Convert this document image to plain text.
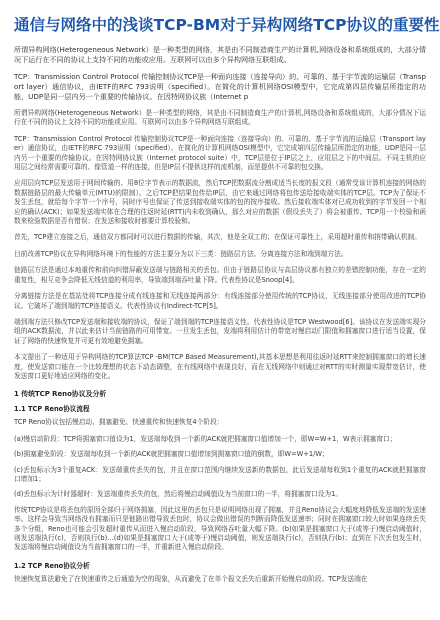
通信与网络中的浅谈TCP-BM对于异构网络TCP协议的重要性

所谓异构网络(Heterogeneous Network）是一种类型的网络，其是由不同制造商生产的计算机,网络设备和系统组成的，大部分情况下运行在不同的协议上支持不同的功能或应用。互联网可以由多个异构网络互联组成。

TCP：Transmission Control Protocol 传输控制协议TCP是一种面向连接（连接导向）的、可靠的、基于字节流的运输层（Transport layer）通信协议，由IETF的RFC 793说明（specified）。在简化的计算机网络OSI模型中，它完成第四层传输层所指定的功能，UDP是同一层内另一个重要的传输协议。在因特网协议族（Internet p

所谓异构网络(Heterogeneous Network）是一种类型的网络，其是由不同制造商生产的计算机,网络设备和系统组成的，大部分情况下运行在不同的协议上支持不同的功能或应用。互联网可以由多个异构网络互联组成。

TCP：Transmission Control Protocol 传输控制协议TCP是一种面向连接（连接导向）的、可靠的、基于字节流的运输层（Transport layer）通信协议，由IETF的RFC 793说明（specified）。在简化的计算机网络OSI模型中，它完成第四层传输层所指定的功能，UDP是同一层内另一个重要的传输协议。在因特网协议族（Internet protocol suite）中，TCP层是位于IP层之上，应用层之下的中间层。不同主机的应用层之间经常需要可靠的、像管道一样的连接，但是IP层不提供这样的流机制，而是提供不可靠的包交换。

应用层向TCP层发送用于网间传输的、用8位字节表示的数据流，然后TCP把数据流分割成适当长度的报文段（通常受该计算机连接的网络的数据链路层的最大传输单元(MTU)的限制）。之后TCP把结果包传给IP层，由它来通过网络将包传送给接收端实体的TCP层。TCP为了保证不发生丢包，就给每个字节一个序号，同时序号也保证了传送到接收端实体的包的按序接收。然后接收端实体对已成功收到的字节发回一个相应的确认(ACK)；如果发送端实体在合理的往返时延(RTT)内未收到确认，那么对应的数据（假设丢失了）将会被重传。TCP用一个校验和函数来检验数据是否有错误；在发送和接收时都要计算校验和。

首先，TCP建立连接之后，通信双方都同时可以进行数据的传输，其次，他是全双工的；在保证可靠性上，采用超时重传和捎带确认机制。

目前改善TCP协议在异构网络环境下的性能的方法主要分为以下三类：链路层方法、分离连接方法和端到端方法。

链路层方法是通过本地重传和前向纠错屏蔽发送端与链路相关的丢包。但由于链路层协议与高层协议都有独立的差错控制功能，存在一定的重复性，相互竞争会降低无线信道的利用率，导致端到端吞吐量下降。代表性协议是Snoop[4]。

分离链接方法是在基站处将TCP连接分成有线连接和无线连接两部分：有线连接部分使用传统的TCP协议，无线连接部分使用改进的TCP协议。它破坏了端到端的TCP连接语义。代表性协议有Indirect-TCP[5]。

端到端方法只修改TCP发送端和接收端的协议，保证了端到端的TCP连接语义性。代表性协议是TCP Westwood[6]。该协议在发送端实现分组的ACK数据流，并以此来估计当前链路的可用带宽。一旦发生丢包，发端将利用估计的带宽对慢启动门限值和拥塞窗口进行适当设置，保证了网络的快速恢复并可更有效地避免拥塞。

本文提出了一种适用于异构网络的TCP算法TCP -BM(TCP Based Measurement),其基本思想是利用往返时延RTT来控制拥塞窗口的增长速度，使发送窗口能在一个比较理想的状态下动态调整，在有线网络中表现良好，而在无线网络中则通过对RTT的实时测量实现带宽估计，使发送窗口更好地适应网络的变化。

1 传统TCP Reno协议及分析
1.1 TCP Reno协议流程

TCP Reno协议包括慢启动、拥塞避免、快速重传和快速恢复4个阶段：

(a)慢启动阶段：TCP将拥塞窗口值设为1，发送端每收到一个新的ACK就把拥塞窗口值增加一个，即W=W+1，W表示拥塞窗口；

(b)拥塞避免阶段：发送端每收到一个新的ACK就把拥塞窗口值增加到拥塞窗口值的倒数，即W=W+1/W；

(c)丢包标示为3个重复ACK：发送端重传丢失的包，并且在窗口范围内继续发送新的数据包，此后发送端每收到1个重复的ACK就把拥塞窗口增加1；

(d)丢包标示为计时器超时：发送端重传丢失的包，然后将慢启动阈值设为当前窗口的一半，将拥塞窗口设为1。

传统TCP协议是将丢包的原因全部归于网络拥塞，因此这里的丢包只是说明网络出现了拥塞，并且Reno协议会大幅度地降低发送端的发送速率。这样会导致当网络没有拥塞而只是链路出错导致丢包时，协议会做出错误的判断而降低发送速率；同时在拥塞窗口较大时如果连续丢失多个分组，Reno也可能会引发超时重传从而进入慢启动阶段，导致网络吞吐量大幅下降。(b)如果是拥塞窗口大于(或等于)慢启动阈值时，则发送端执行(c)，否则执行(b)…(d)如果是拥塞窗口大于(或等于)慢启动阈值，则发送端执行(c)，否则执行(b)；直到在下次丢包发生时，发送端将慢启动阈值设为当前拥塞窗口的一半，并重新进入慢启动阶段。

1.2 TCP Reno协议分析

快速恢复算法避免了在快速重传之后通道为空的现象，从而避免了在单个报文丢失后重新开始慢启动阶段。TCP发送端在
